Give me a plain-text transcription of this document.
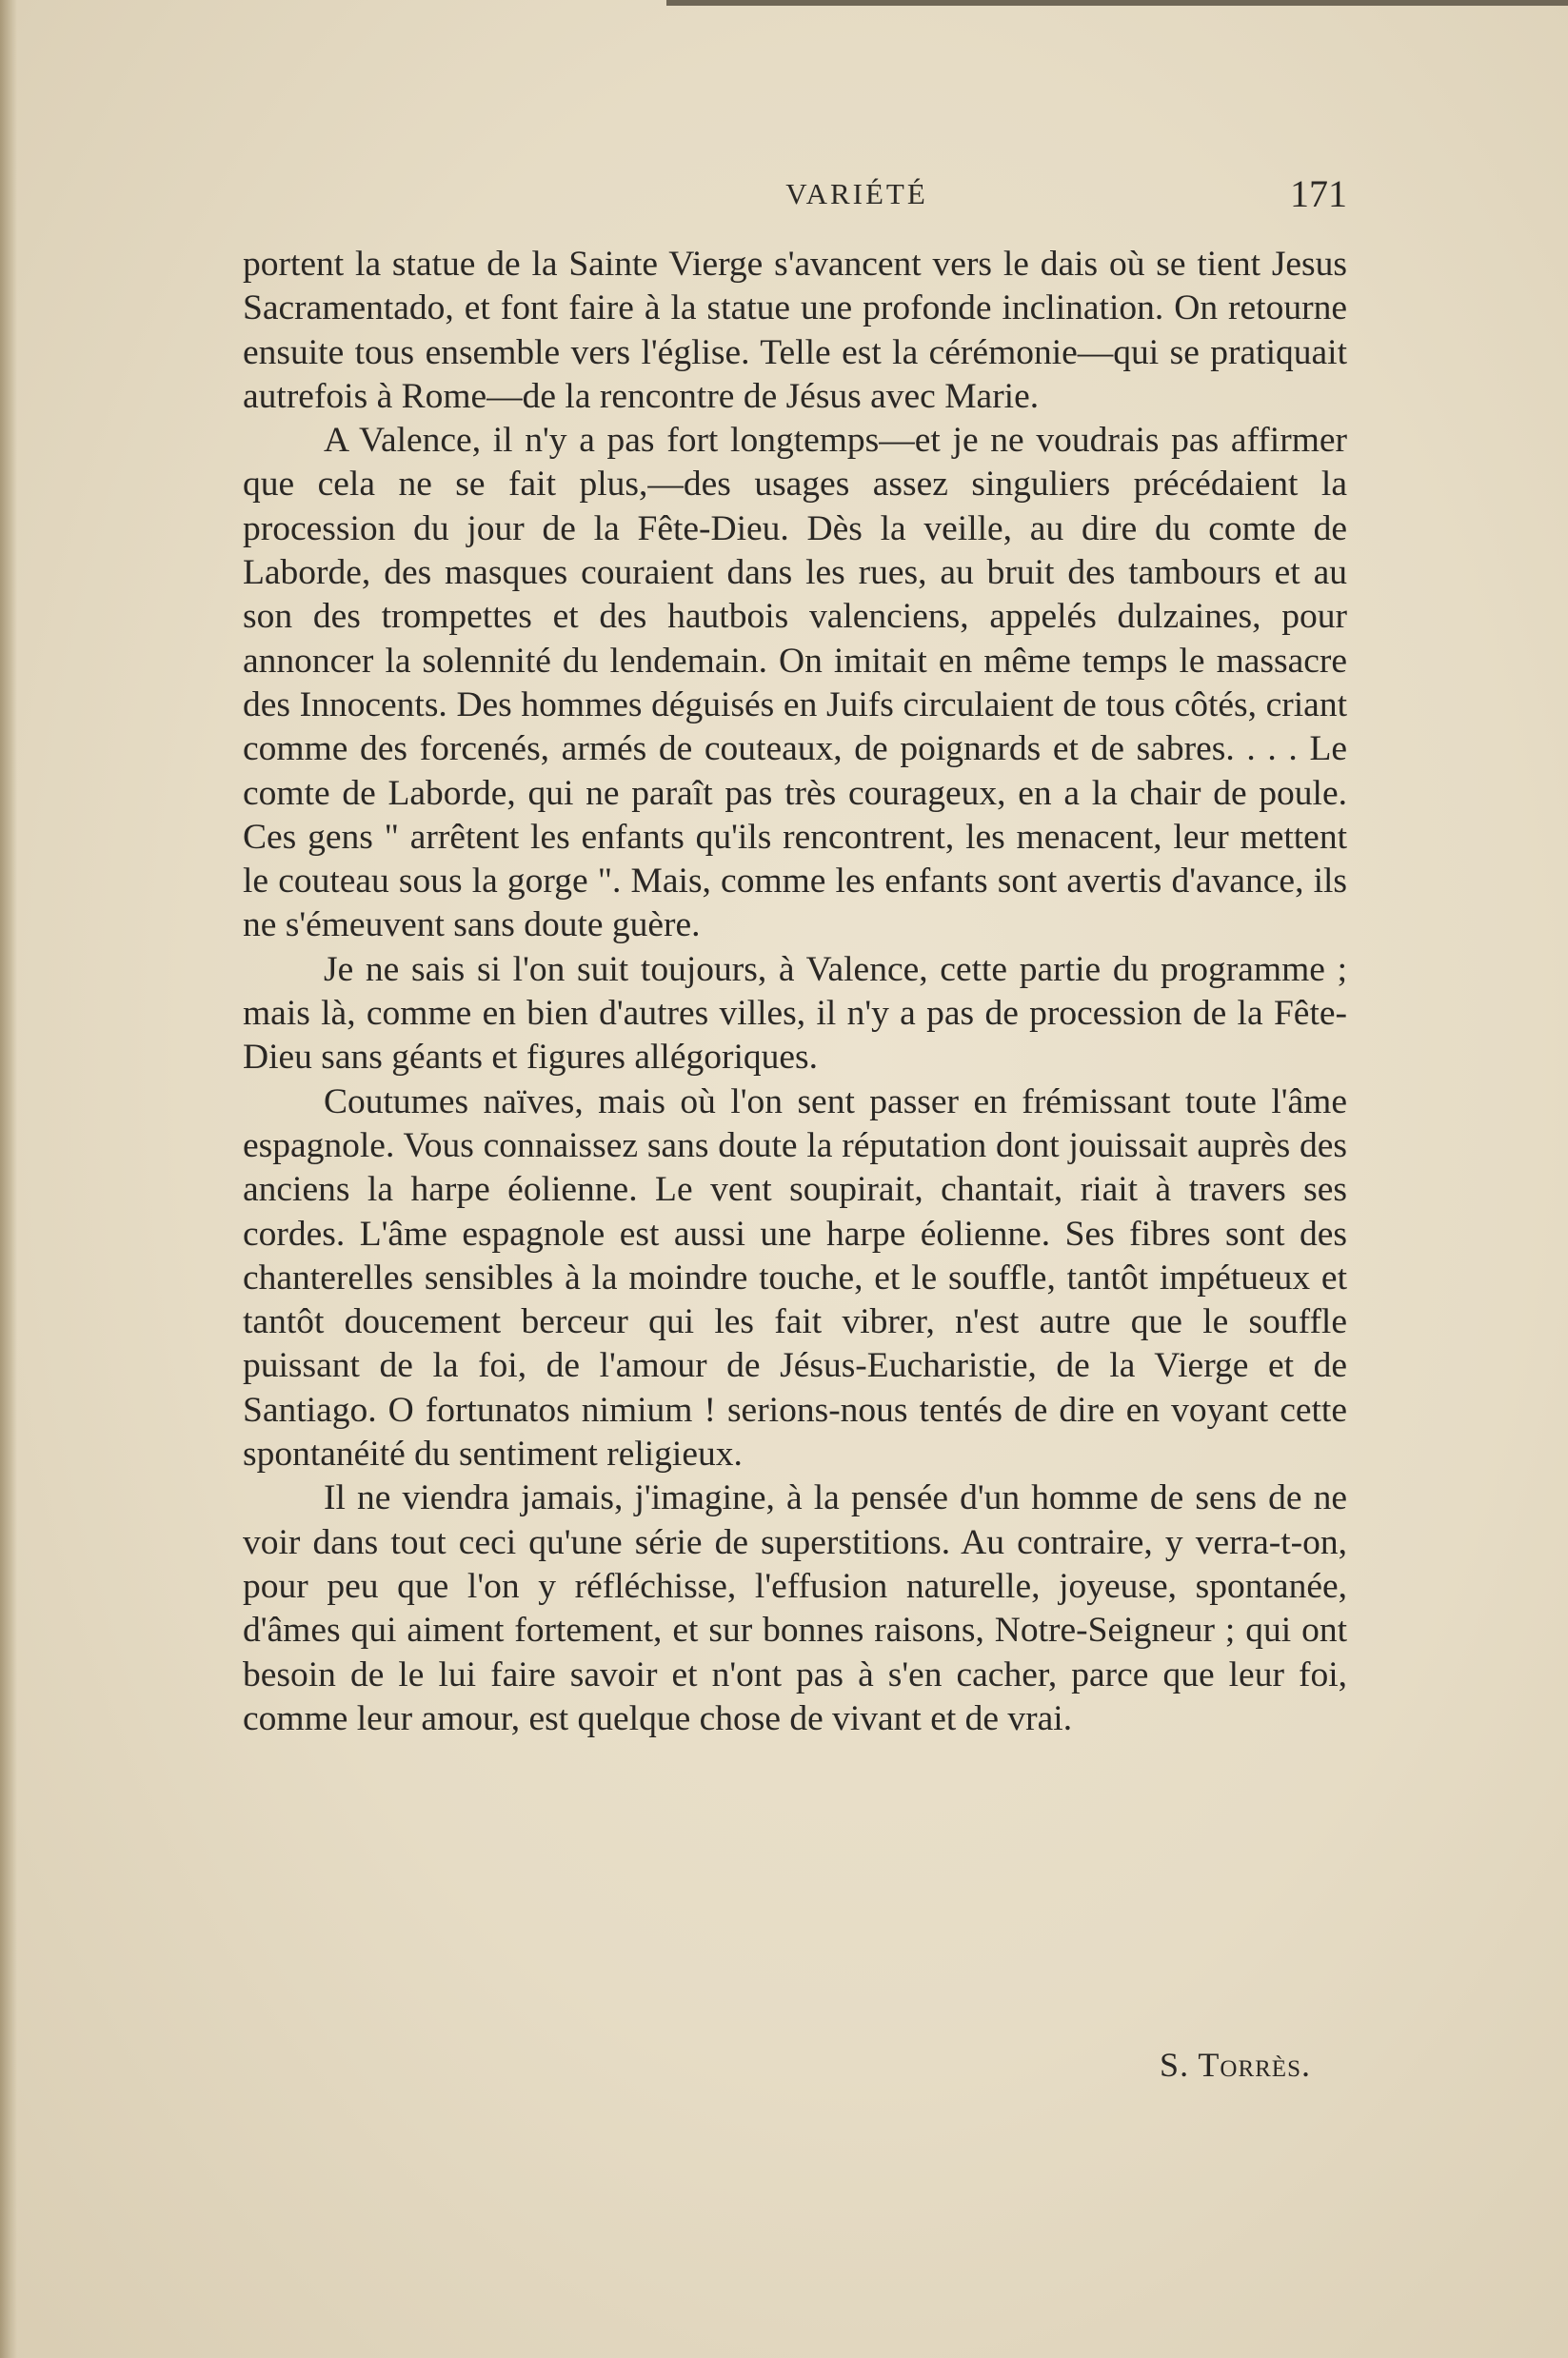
VARIÉTÉ	171

portent la statue de la Sainte Vierge s'avancent vers le dais où se tient Jesus Sacramentado, et font faire à la statue une profonde inclination. On retourne ensuite tous ensemble vers l'église. Telle est la cérémonie—qui se pratiquait autrefois à Rome—de la rencontre de Jésus avec Marie.

A Valence, il n'y a pas fort longtemps—et je ne voudrais pas affirmer que cela ne se fait plus,—des usages assez singuliers précédaient la procession du jour de la Fête-Dieu. Dès la veille, au dire du comte de Laborde, des masques couraient dans les rues, au bruit des tambours et au son des trompettes et des hautbois valenciens, appelés dulzaines, pour annoncer la solennité du lendemain. On imitait en même temps le massacre des Innocents. Des hommes déguisés en Juifs circulaient de tous côtés, criant comme des forcenés, armés de couteaux, de poignards et de sabres. . . . Le comte de Laborde, qui ne paraît pas très courageux, en a la chair de poule. Ces gens " arrêtent les enfants qu'ils rencontrent, les menacent, leur mettent le couteau sous la gorge ". Mais, comme les enfants sont avertis d'avance, ils ne s'émeuvent sans doute guère.

Je ne sais si l'on suit toujours, à Valence, cette partie du programme ; mais là, comme en bien d'autres villes, il n'y a pas de procession de la Fête-Dieu sans géants et figures allégoriques.

Coutumes naïves, mais où l'on sent passer en frémissant toute l'âme espagnole. Vous connaissez sans doute la réputation dont jouissait auprès des anciens la harpe éolienne. Le vent soupirait, chantait, riait à travers ses cordes. L'âme espagnole est aussi une harpe éolienne. Ses fibres sont des chanterelles sensibles à la moindre touche, et le souffle, tantôt impétueux et tantôt doucement berceur qui les fait vibrer, n'est autre que le souffle puissant de la foi, de l'amour de Jésus-Eucharistie, de la Vierge et de Santiago. O fortunatos nimium ! serions-nous tentés de dire en voyant cette spontanéité du sentiment religieux.

Il ne viendra jamais, j'imagine, à la pensée d'un homme de sens de ne voir dans tout ceci qu'une série de superstitions. Au contraire, y verra-t-on, pour peu que l'on y réfléchisse, l'effusion naturelle, joyeuse, spontanée, d'âmes qui aiment fortement, et sur bonnes raisons, Notre-Seigneur ; qui ont besoin de le lui faire savoir et n'ont pas à s'en cacher, parce que leur foi, comme leur amour, est quelque chose de vivant et de vrai.

S. Torrès.
